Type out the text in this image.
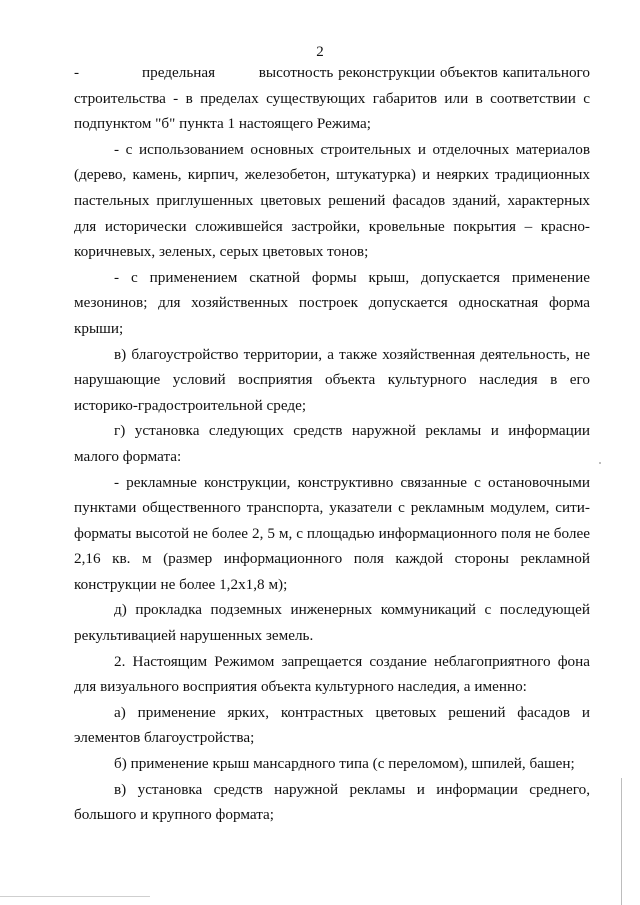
2

-             предельная         высотность реконструкции объектов капитального строительства - в пределах существующих габаритов или в соответствии с подпунктом "б" пункта 1 настоящего Режима;

- с использованием основных строительных и отделочных материалов (дерево, камень, кирпич, железобетон, штукатурка) и неярких традиционных пастельных приглушенных цветовых решений фасадов зданий, характерных для исторически сложившейся застройки, кровельные покрытия – красно-коричневых, зеленых, серых цветовых тонов;

- с применением скатной формы крыш, допускается применение мезонинов; для хозяйственных построек допускается односкатная форма крыши;

в) благоустройство территории, а также хозяйственная деятельность, не нарушающие условий восприятия объекта культурного наследия в его историко-градостроительной среде;

г) установка следующих средств наружной рекламы и информации малого формата:

- рекламные конструкции, конструктивно связанные с остановочными пунктами общественного транспорта, указатели с рекламным модулем, сити-форматы высотой не более 2, 5 м, с площадью информационного поля не более 2,16 кв. м (размер информационного поля каждой стороны рекламной конструкции не более 1,2x1,8 м);

д) прокладка подземных инженерных коммуникаций с последующей рекультивацией нарушенных земель.

2. Настоящим Режимом запрещается создание неблагоприятного фона для визуального восприятия объекта культурного наследия, а именно:

а) применение ярких, контрастных цветовых решений фасадов и элементов благоустройства;

б) применение крыш мансардного типа (с переломом), шпилей, башен;

в) установка средств наружной рекламы и информации среднего, большого и крупного формата;
